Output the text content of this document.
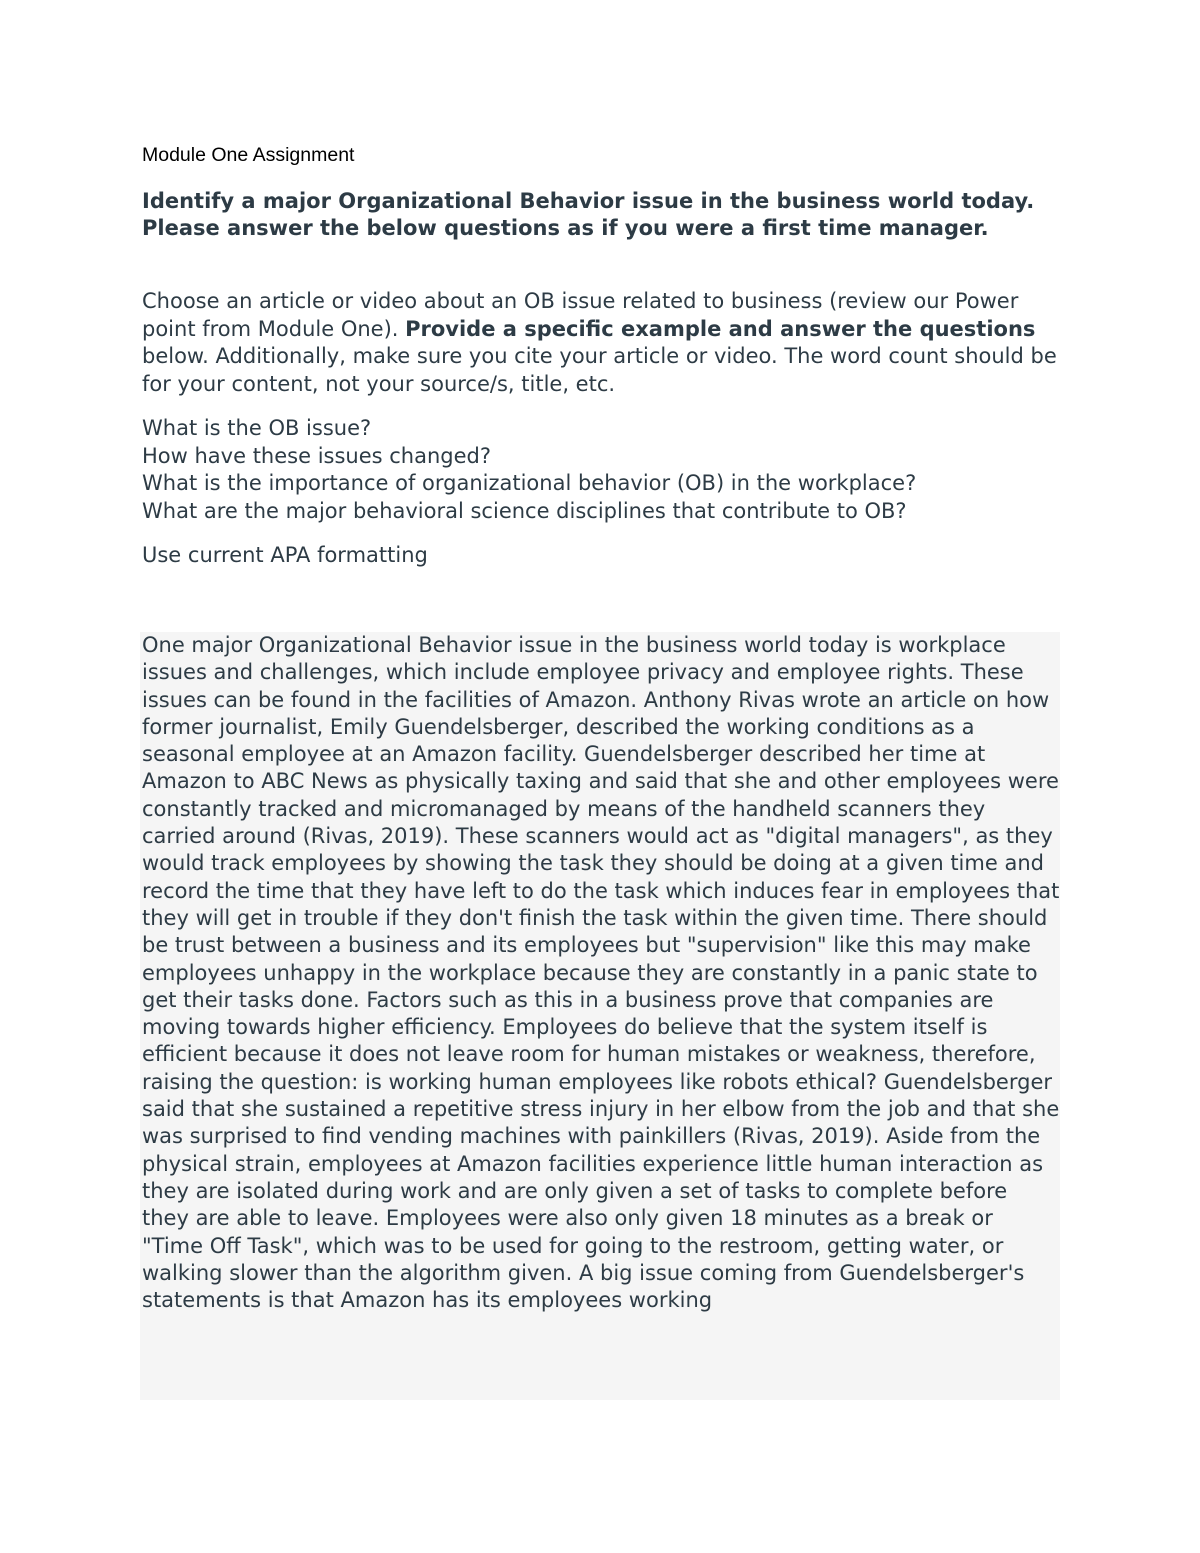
Module One Assignment
Identify a major Organizational Behavior issue in the business world today. Please answer the below questions as if you were a first time manager.

Choose an article or video about an OB issue related to business (review our Power point from Module One). Provide a specific example and answer the questions below. Additionally, make sure you cite your article or video. The word count should be for your content, not your source/s, title, etc.

What is the OB issue?
How have these issues changed?
What is the importance of organizational behavior (OB) in the workplace?
What are the major behavioral science disciplines that contribute to OB?

Use current APA formatting

One major Organizational Behavior issue in the business world today is workplace issues and challenges, which include employee privacy and employee rights. These issues can be found in the facilities of Amazon. Anthony Rivas wrote an article on how former journalist, Emily Guendelsberger, described the working conditions as a seasonal employee at an Amazon facility. Guendelsberger described her time at Amazon to ABC News as physically taxing and said that she and other employees were constantly tracked and micromanaged by means of the handheld scanners they carried around (Rivas, 2019). These scanners would act as "digital managers", as they would track employees by showing the task they should be doing at a given time and record the time that they have left to do the task which induces fear in employees that they will get in trouble if they don't finish the task within the given time. There should be trust between a business and its employees but "supervision" like this may make employees unhappy in the workplace because they are constantly in a panic state to get their tasks done. Factors such as this in a business prove that companies are moving towards higher efficiency. Employees do believe that the system itself is efficient because it does not leave room for human mistakes or weakness, therefore, raising the question: is working human employees like robots ethical? Guendelsberger said that she sustained a repetitive stress injury in her elbow from the job and that she was surprised to find vending machines with painkillers (Rivas, 2019). Aside from the physical strain, employees at Amazon facilities experience little human interaction as they are isolated during work and are only given a set of tasks to complete before they are able to leave. Employees were also only given 18 minutes as a break or "Time Off Task", which was to be used for going to the restroom, getting water, or walking slower than the algorithm given. A big issue coming from Guendelsberger's statements is that Amazon has its employees working
